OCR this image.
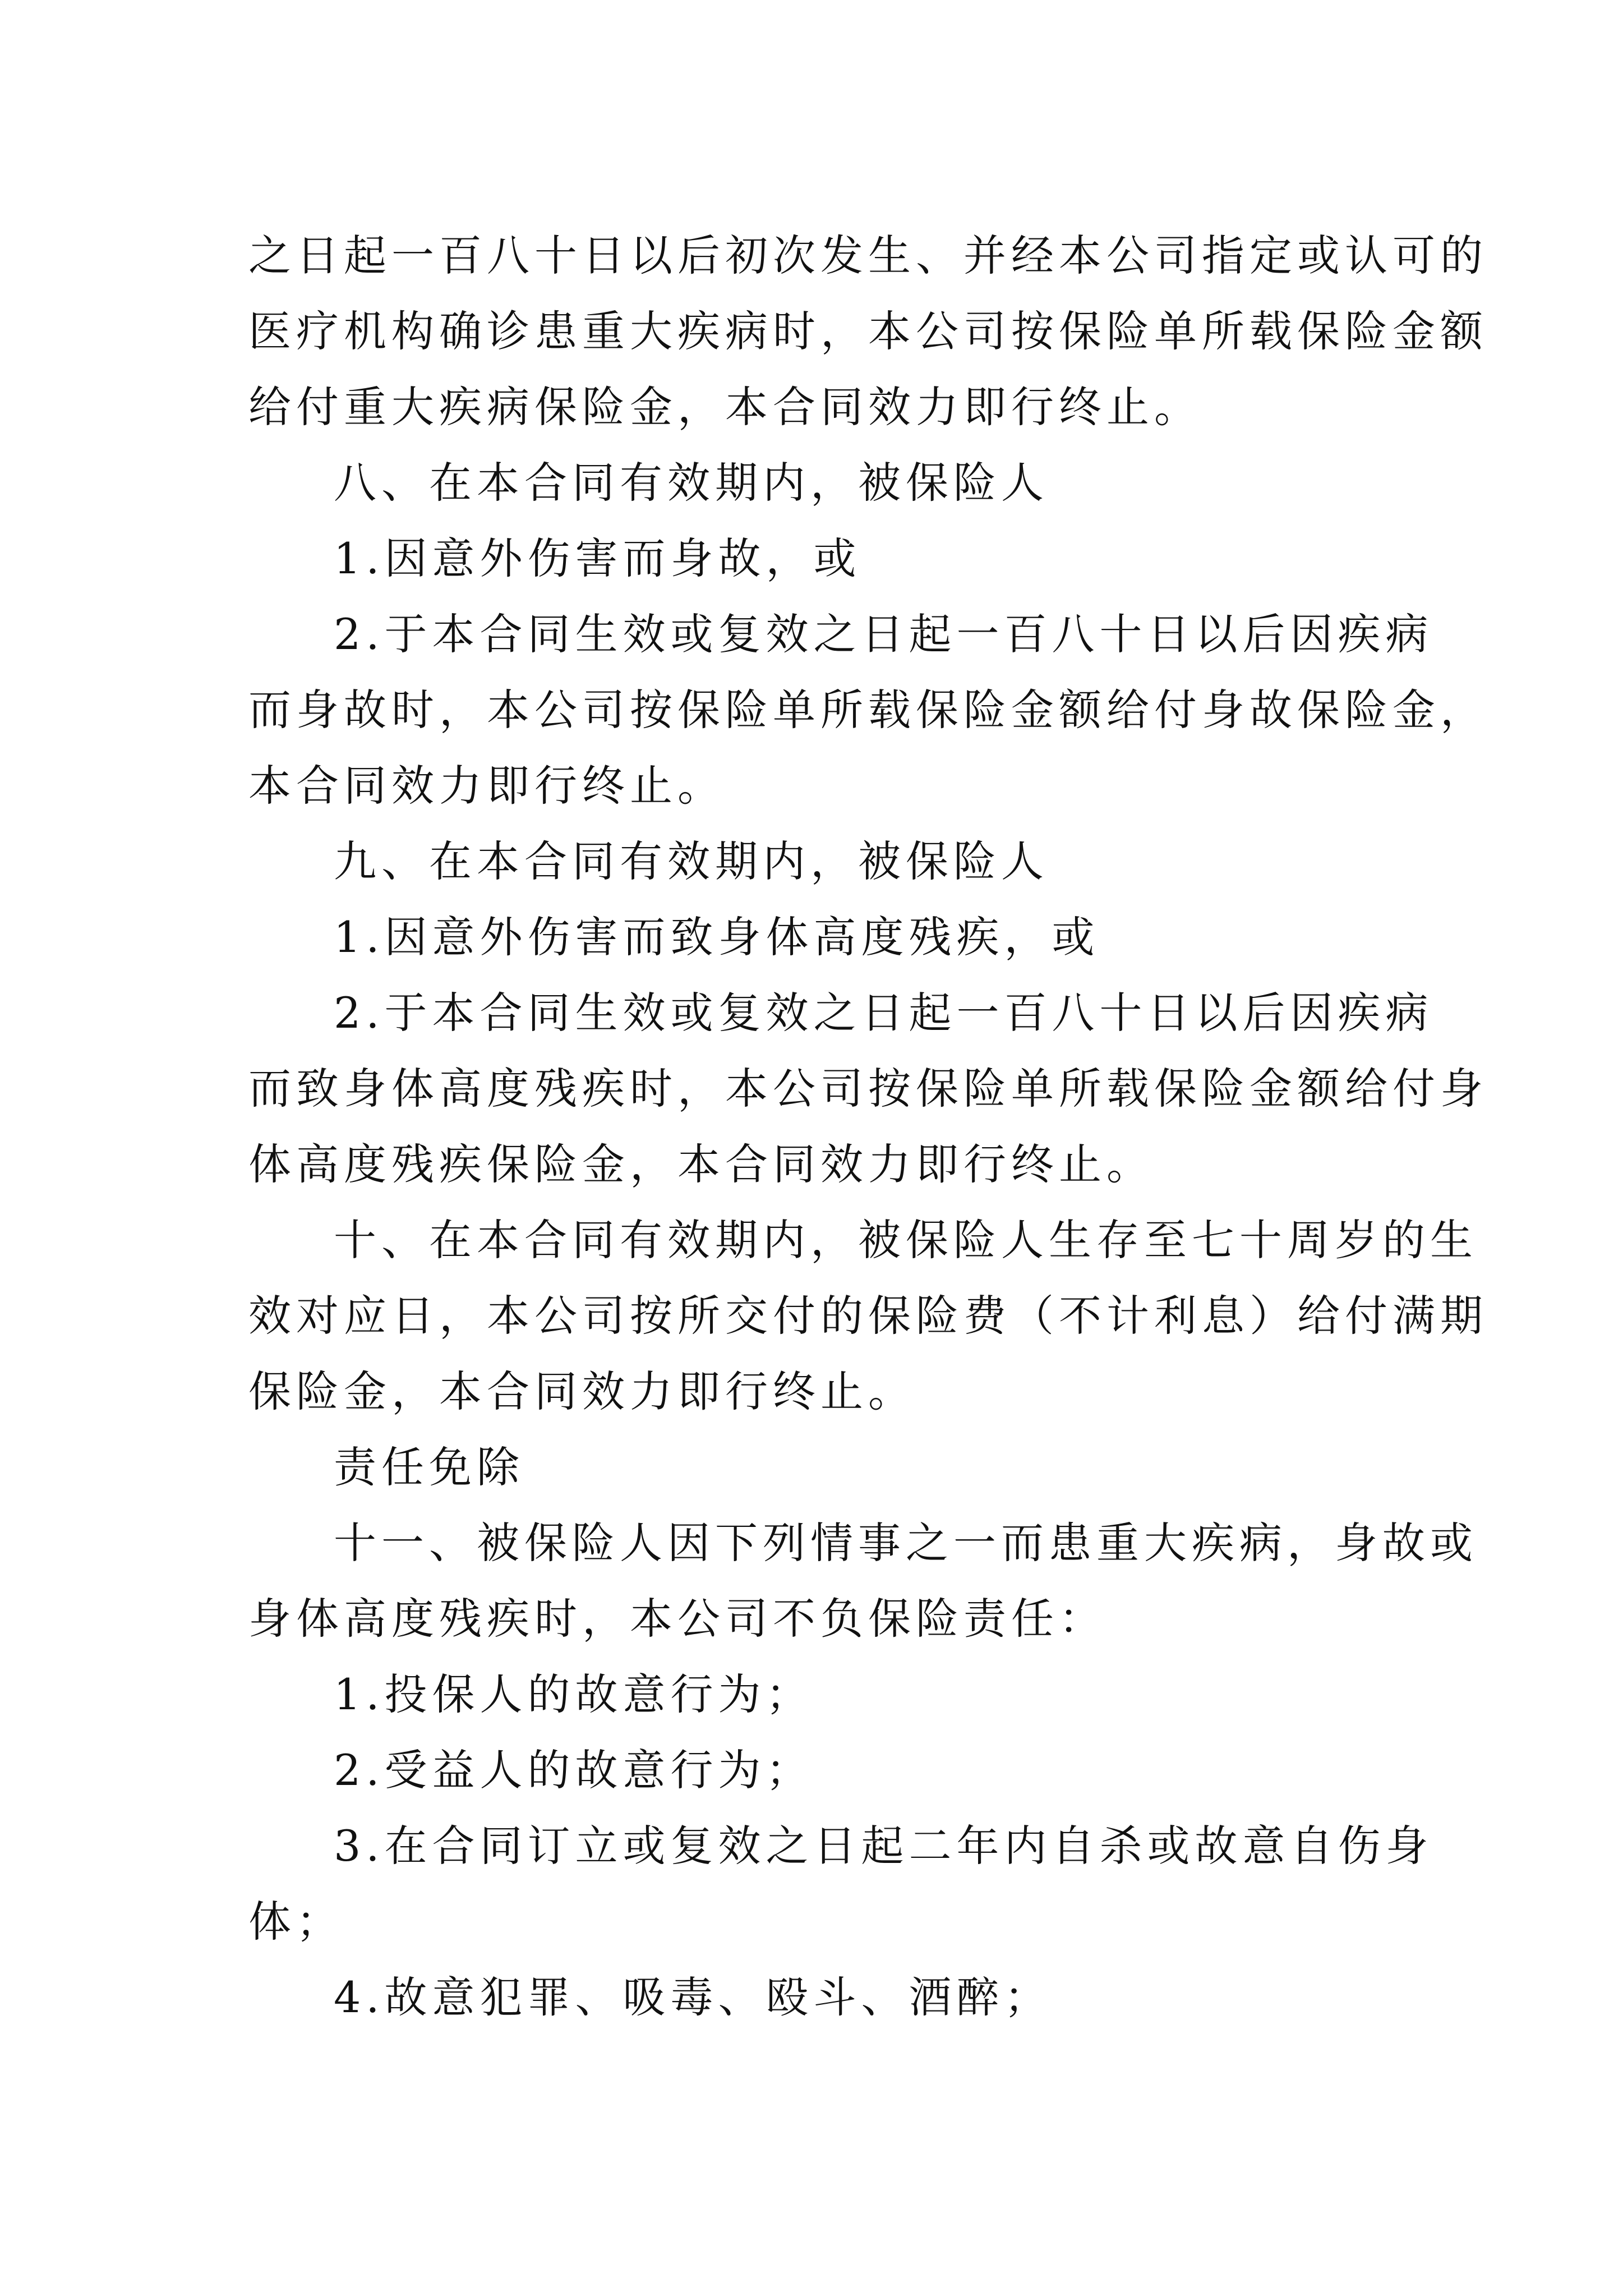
之日起一百八十日以后初次发生、并经本公司指定或认可的
医疗机构确诊患重大疾病时，本公司按保险单所载保险金额
给付重大疾病保险金，本合同效力即行终止。
八、在本合同有效期内，被保险人
1.因意外伤害而身故，或
2.于本合同生效或复效之日起一百八十日以后因疾病
而身故时，本公司按保险单所载保险金额给付身故保险金，
本合同效力即行终止。
九、在本合同有效期内，被保险人
1.因意外伤害而致身体高度残疾，或
2.于本合同生效或复效之日起一百八十日以后因疾病
而致身体高度残疾时，本公司按保险单所载保险金额给付身
体高度残疾保险金，本合同效力即行终止。
十、在本合同有效期内，被保险人生存至七十周岁的生
效对应日，本公司按所交付的保险费（不计利息）给付满期
保险金，本合同效力即行终止。
责任免除
十一、被保险人因下列情事之一而患重大疾病，身故或
身体高度残疾时，本公司不负保险责任：
1.投保人的故意行为；
2.受益人的故意行为；
3.在合同订立或复效之日起二年内自杀或故意自伤身
体；
4.故意犯罪、吸毒、殴斗、酒醉；
